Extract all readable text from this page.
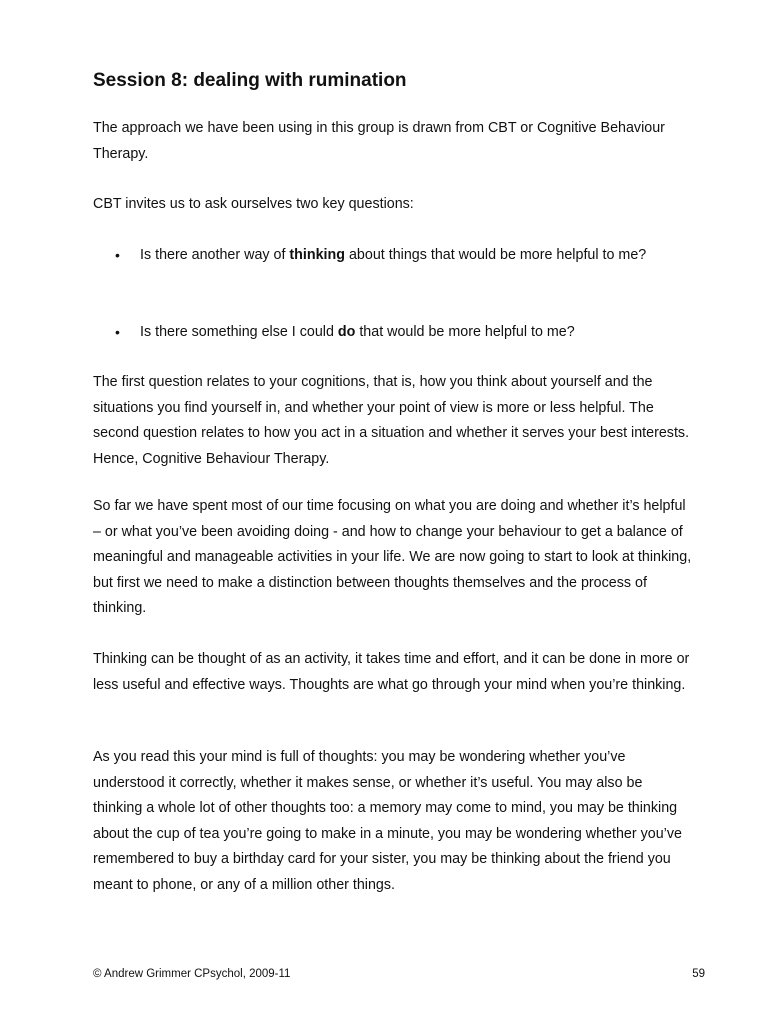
Session 8: dealing with rumination

The approach we have been using in this group is drawn from CBT or Cognitive Behaviour Therapy.

CBT invites us to ask ourselves two key questions:

• Is there another way of thinking about things that would be more helpful to me?
• Is there something else I could do that would be more helpful to me?

The first question relates to your cognitions, that is, how you think about yourself and the situations you find yourself in, and whether your point of view is more or less helpful. The second question relates to how you act in a situation and whether it serves your best interests. Hence, Cognitive Behaviour Therapy.

So far we have spent most of our time focusing on what you are doing and whether it’s helpful – or what you’ve been avoiding doing - and how to change your behaviour to get a balance of meaningful and manageable activities in your life. We are now going to start to look at thinking, but first we need to make a distinction between thoughts themselves and the process of thinking.

Thinking can be thought of as an activity, it takes time and effort, and it can be done in more or less useful and effective ways. Thoughts are what go through your mind when you’re thinking.

As you read this your mind is full of thoughts: you may be wondering whether you’ve understood it correctly, whether it makes sense, or whether it’s useful. You may also be thinking a whole lot of other thoughts too: a memory may come to mind, you may be thinking about the cup of tea you’re going to make in a minute, you may be wondering whether you’ve remembered to buy a birthday card for your sister, you may be thinking about the friend you meant to phone, or any of a million other things.

© Andrew Grimmer CPsychol, 2009-11	59
